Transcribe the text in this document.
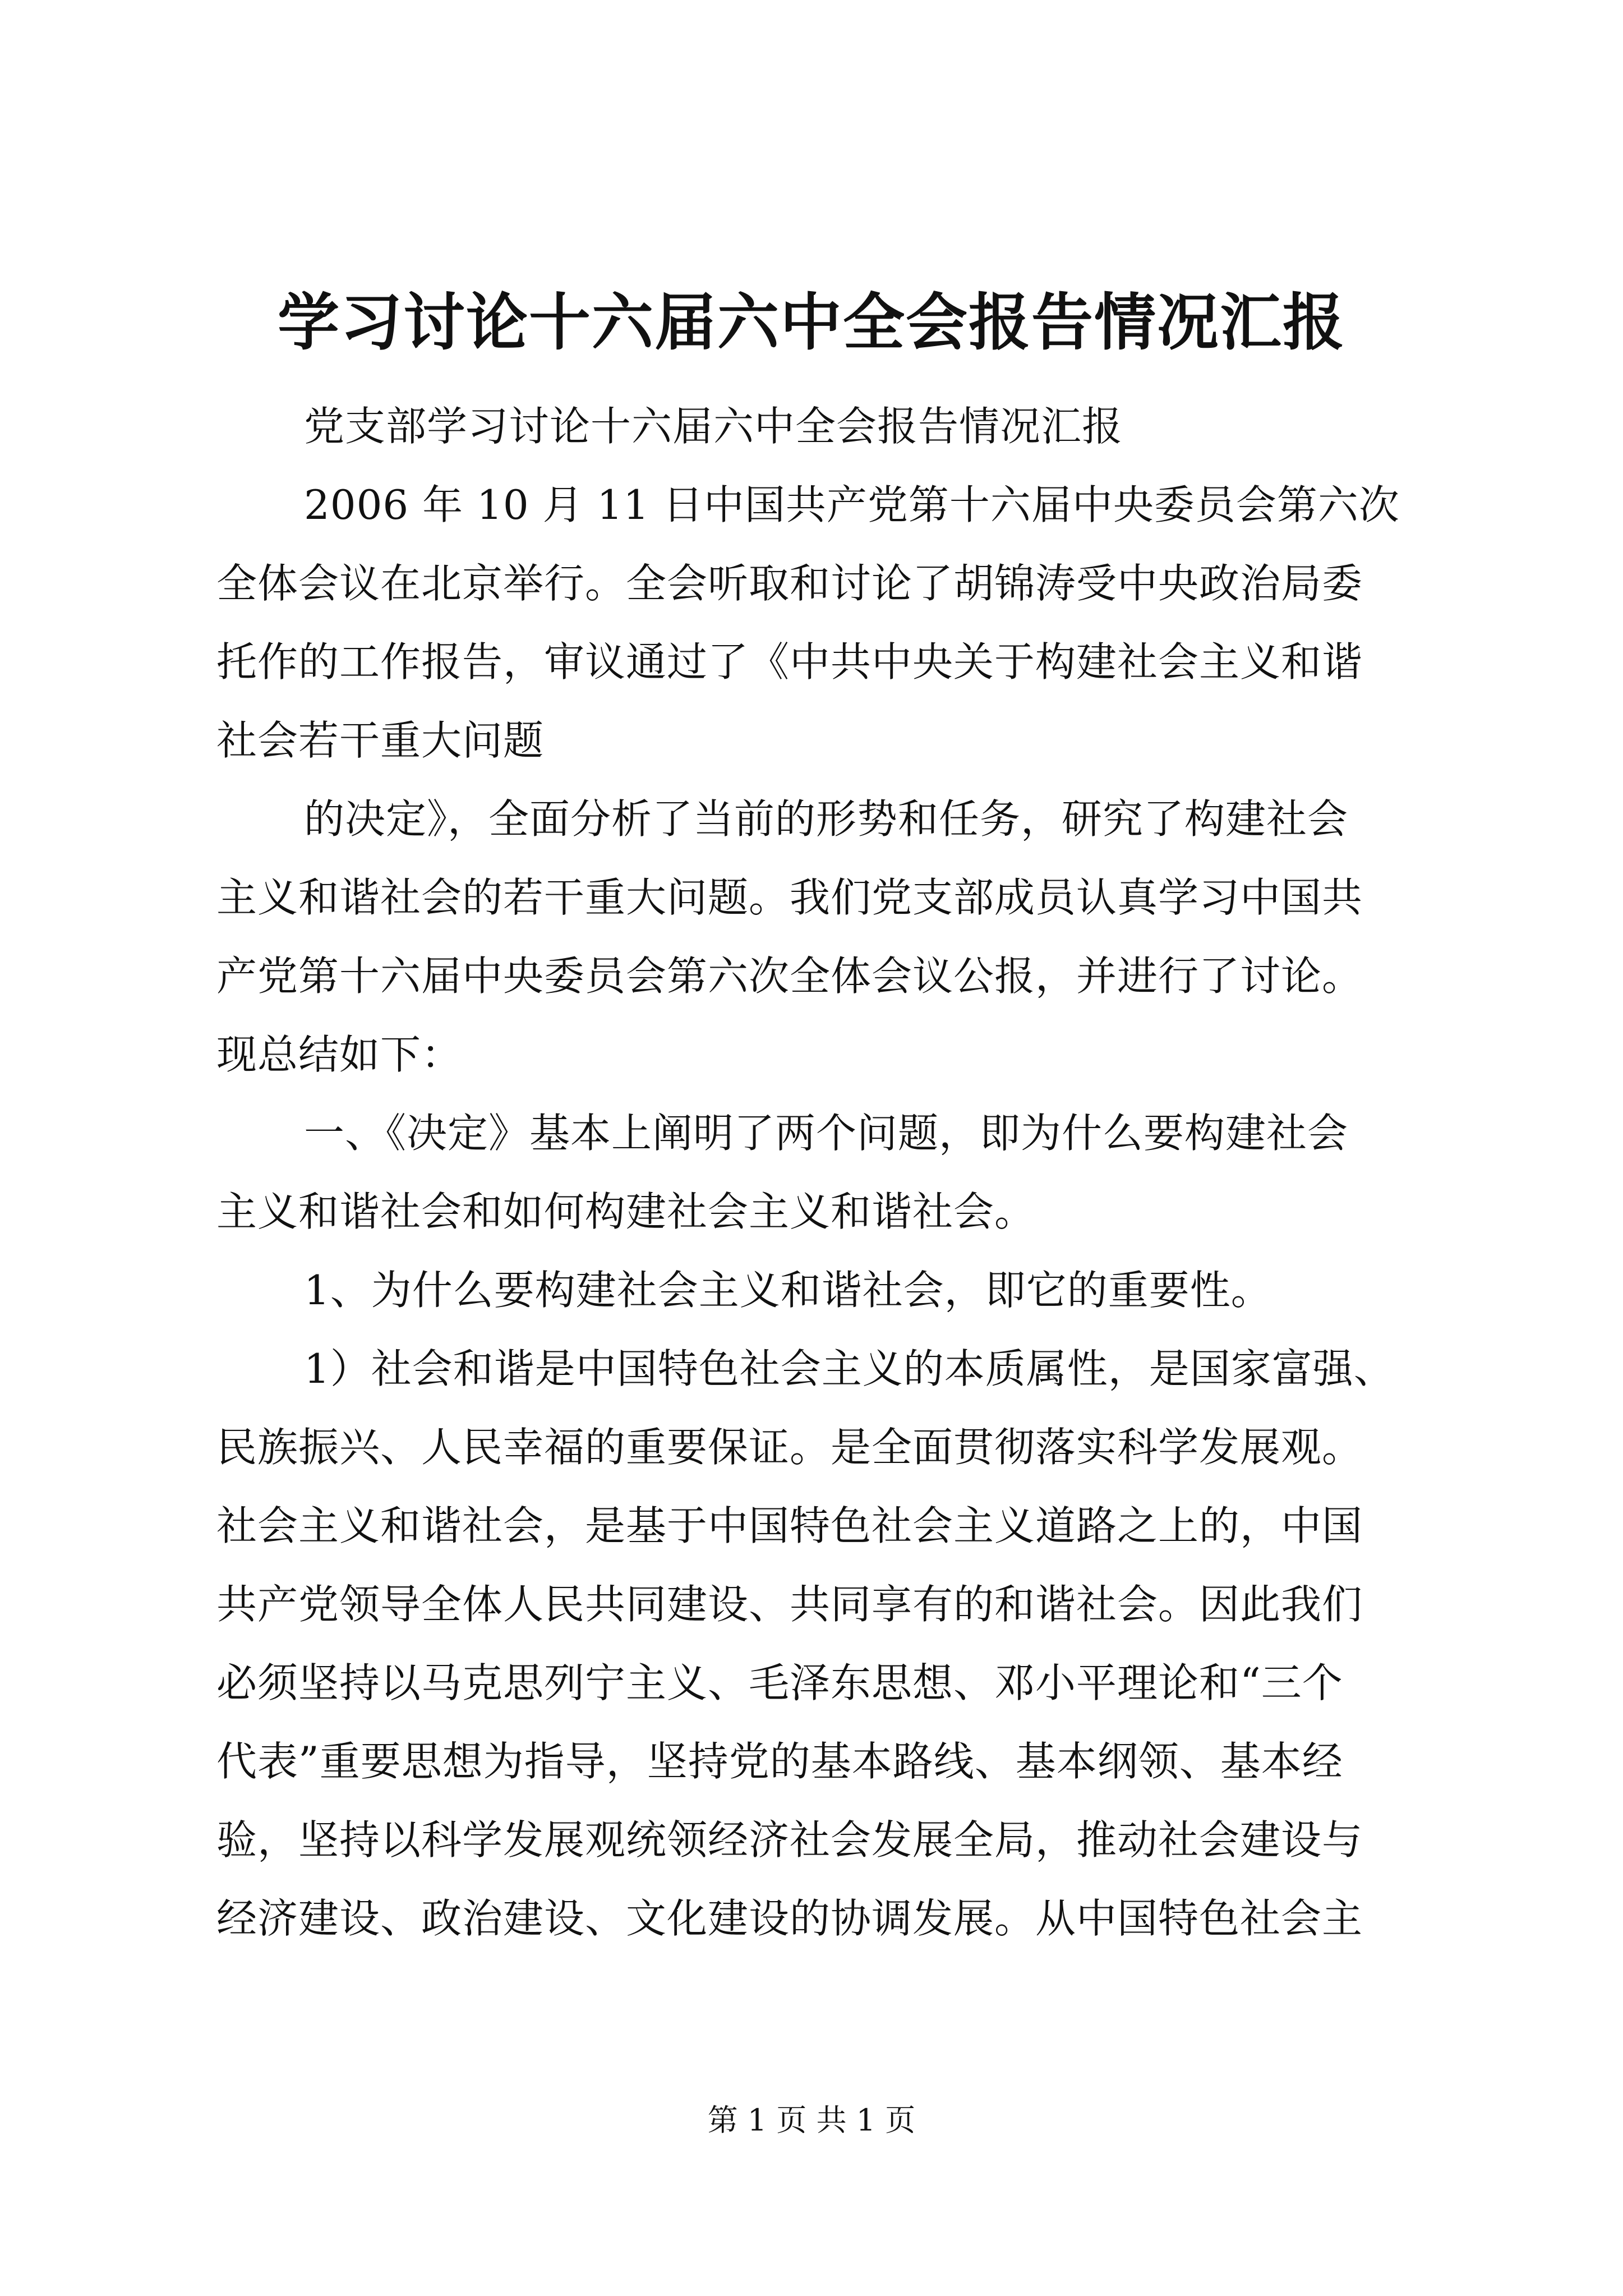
学习讨论十六届六中全会报告情况汇报

党支部学习讨论十六届六中全会报告情况汇报

2006 年 10 月 11 日中国共产党第十六届中央委员会第六次

全体会议在北京举行。全会听取和讨论了胡锦涛受中央政治局委

托作的工作报告，审议通过了《中共中央关于构建社会主义和谐

社会若干重大问题

的决定》，全面分析了当前的形势和任务，研究了构建社会

主义和谐社会的若干重大问题。我们党支部成员认真学习中国共

产党第十六届中央委员会第六次全体会议公报，并进行了讨论。

现总结如下：

一、《决定》基本上阐明了两个问题，即为什么要构建社会

主义和谐社会和如何构建社会主义和谐社会。

1、为什么要构建社会主义和谐社会，即它的重要性。

1）社会和谐是中国特色社会主义的本质属性，是国家富强、

民族振兴、人民幸福的重要保证。是全面贯彻落实科学发展观。

社会主义和谐社会，是基于中国特色社会主义道路之上的，中国

共产党领导全体人民共同建设、共同享有的和谐社会。因此我们

必须坚持以马克思列宁主义、毛泽东思想、邓小平理论和“三个

代表”重要思想为指导，坚持党的基本路线、基本纲领、基本经

验，坚持以科学发展观统领经济社会发展全局，推动社会建设与

经济建设、政治建设、文化建设的协调发展。从中国特色社会主

第 1 页 共 1 页
